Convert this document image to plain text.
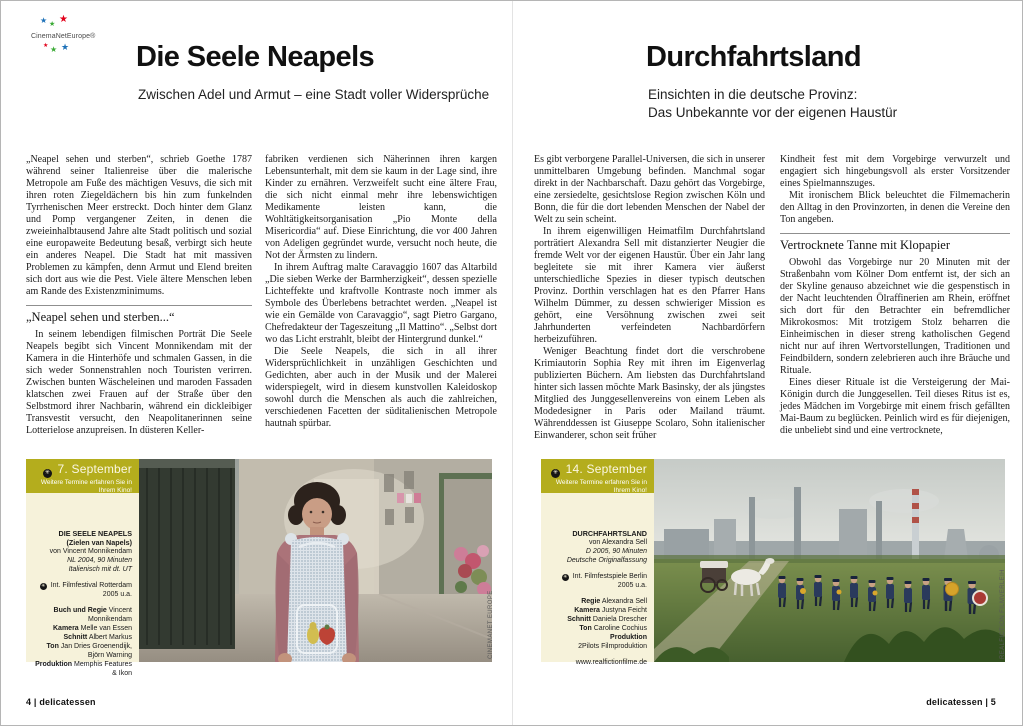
★ ★ ★
★ ★ ★
CinemaNetEurope®
Die Seele Neapels
Zwischen Adel und Armut – eine Stadt voller Widersprüche

„Neapel sehen und sterben“, schrieb Goethe 1787 während seiner Italienreise über die malerische Metropole am Fuße des mächtigen Vesuvs, die sich mit ihren roten Ziegeldächern bis hin zum funkelnden Tyrrhenischen Meer erstreckt. Doch hinter dem Glanz und Pomp vergangener Zeiten, in denen die zweieinhalbtausend Jahre alte Stadt politisch und sozial eine europaweite Bedeutung besaß, verbirgt sich heute ein anderes Neapel. Die Stadt hat mit massiven Problemen zu kämpfen, denn Armut und Elend breiten sich dort aus wie die Pest. Viele ältere Menschen leben am Rande des Existenzminimums.

„Neapel sehen und sterben...“

In seinem lebendigen filmischen Porträt Die Seele Neapels begibt sich Vincent Monnikendam mit der Kamera in die Hinterhöfe und schmalen Gassen, in die sich weder Sonnenstrahlen noch Touristen verirren. Zwischen bunten Wäscheleinen und maroden Fassaden klatschen zwei Frauen auf der Straße über den Selbstmord ihrer Nachbarin, während ein dickleibiger Transvestit versucht, den Neapolitanerinnen seine Lotterielose anzupreisen. In düsteren Keller-

fabriken verdienen sich Näherinnen ihren kargen Lebensunterhalt, mit dem sie kaum in der Lage sind, ihre Kinder zu ernähren. Verzweifelt sucht eine ältere Frau, die sich nicht einmal mehr ihre lebenswichtigen Medikamente leisten kann, die Wohltätigkeitsorganisation „Pio Monte della Misericordia“ auf. Diese Einrichtung, die vor 400 Jahren von Adeligen gegründet wurde, versucht noch heute, die Not der Ärmsten zu lindern.

In ihrem Auftrag malte Caravaggio 1607 das Altarbild „Die sieben Werke der Barmherzigkeit“, dessen spezielle Lichteffekte und kraftvolle Kontraste noch immer als Symbole des Überlebens betrachtet werden. „Neapel ist wie ein Gemälde von Caravaggio“, sagt Pietro Gargano, Chefredakteur der Tageszeitung „Il Mattino“. „Selbst dort wo das Licht erstrahlt, bleibt der Hintergrund dunkel.“

Die Seele Neapels, die sich in all ihrer Widersprüchlichkeit in unzähligen Geschichten und Gedichten, aber auch in der Musik und der Malerei widerspiegelt, wird in diesem kunstvollen Kaleidoskop sowohl durch die Menschen als auch die zahlreichen, verschiedenen Facetten der süditalienischen Metropole hautnah spürbar.

✳ 7. September
Weitere Termine erfahren Sie in Ihrem Kino!
DIE SEELE NEAPELS
(Zielen van Napels)
von Vincent Monnikendam
NL 2004, 90 Minuten
Italienisch mit dt. UT
✳ Int. Filmfestival Rotterdam 2005 u.a.
Buch und Regie Vincent Monnikendam
Kamera Melle van Essen
Schnitt Albert Markus
Ton Jan Dries Groenendijk, Björn Warning
Produktion Memphis Features & Ikon
CINEMANET EUROPE
4 | delicatessen
Durchfahrtsland
Einsichten in die deutsche Provinz:
Das Unbekannte vor der eigenen Haustür

Es gibt verborgene Parallel-Universen, die sich in unserer unmittelbaren Umgebung befinden. Manchmal sogar direkt in der Nachbarschaft. Dazu gehört das Vorgebirge, eine zersiedelte, gesichtslose Region zwischen Köln und Bonn, die für die dort lebenden Menschen der Nabel der Welt zu sein scheint.

In ihrem eigenwilligen Heimatfilm Durchfahrtsland porträtiert Alexandra Sell mit distanzierter Neugier die fremde Welt vor der eigenen Haustür. Über ein Jahr lang begleitete sie mit ihrer Kamera vier äußerst unterschiedliche Spezies in dieser typisch deutschen Provinz. Dorthin verschlagen hat es den Pfarrer Hans Wilhelm Dümmer, zu dessen schwieriger Mission es gehört, eine Versöhnung zwischen zwei seit Jahrhunderten verfeindeten Nachbardörfern herbeizuführen.

Weniger Beachtung findet dort die verschrobene Krimiautorin Sophia Rey mit ihren im Eigenverlag publizierten Büchern. Am liebsten das Durchfahrtsland hinter sich lassen möchte Mark Basinsky, der als jüngstes Mitglied des Junggesellenvereins von einem Leben als Modedesigner in Paris oder Mailand träumt. Währenddessen ist Giuseppe Scolaro, Sohn italienischer Einwanderer, schon seit früher

Kindheit fest mit dem Vorgebirge verwurzelt und engagiert sich hingebungsvoll als erster Vorsitzender eines Spielmannszuges.

Mit ironischem Blick beleuchtet die Filmemacherin den Alltag in den Provinzorten, in denen die Vereine den Ton angeben.

Vertrocknete Tanne mit Klopapier

Obwohl das Vorgebirge nur 20 Minuten mit der Straßenbahn vom Kölner Dom entfernt ist, der sich an der Skyline genauso abzeichnet wie die gespenstisch in der Nacht leuchtenden Ölraffinerien am Rhein, eröffnet sich dort für den Betrachter ein befremdlicher Mikrokosmos: Mit trotzigem Stolz beharren die Einheimischen in dieser streng katholischen Gegend nicht nur auf ihren Wertvorstellungen, Traditionen und Feindbildern, sondern zelebrieren auch ihre Bräuche und Rituale.

Eines dieser Rituale ist die Versteigerung der Mai-Königin durch die Junggesellen. Teil dieses Ritus ist es, jedes Mädchen im Vorgebirge mit einem frisch gefällten Mai-Baum zu beglücken. Peinlich wird es für diejenigen, die unbeliebt sind und eine vertrocknete,

✳ 14. September
Weitere Termine erfahren Sie in Ihrem Kino!
DURCHFAHRTSLAND
von Alexandra Sell
D 2005, 90 Minuten
Deutsche Originalfassung
✳ Int. Filmfestspiele Berlin 2005 u.a.
Regie Alexandra Sell
Kamera Justyna Feicht
Schnitt Daniela Drescher
Ton Caroline Cochius
Produktion
2Pilots Filmproduktion
www.realfictionfilme.de
REALFICTION FILMVERLEIH
delicatessen | 5
